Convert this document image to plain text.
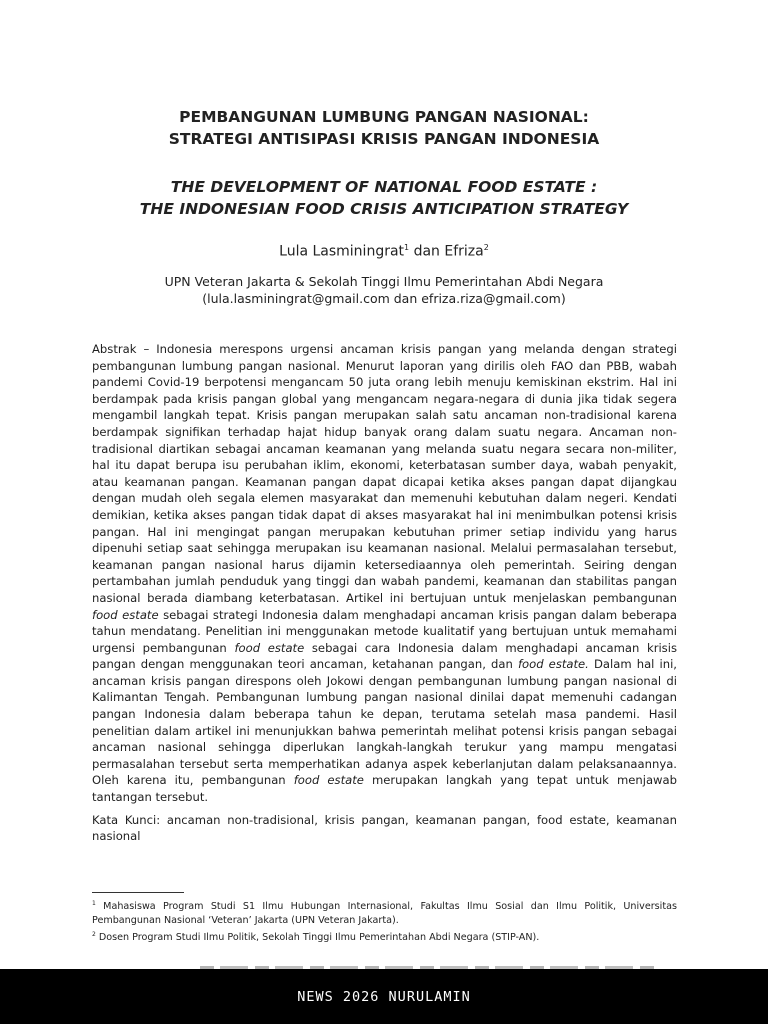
PEMBANGUNAN LUMBUNG PANGAN NASIONAL:
STRATEGI ANTISIPASI KRISIS PANGAN INDONESIA
THE DEVELOPMENT OF NATIONAL FOOD ESTATE :
THE INDONESIAN FOOD CRISIS ANTICIPATION STRATEGY
Lula Lasminingrat$^1$ dan Efriza$^2$
UPN Veteran Jakarta & Sekolah Tinggi Ilmu Pemerintahan Abdi Negara
(lula.lasminingrat@gmail.com dan efriza.riza@gmail.com)

Abstrak – Indonesia merespons urgensi ancaman krisis pangan yang melanda dengan strategi pembangunan lumbung pangan nasional. Menurut laporan yang dirilis oleh FAO dan PBB, wabah pandemi Covid-19 berpotensi mengancam 50 juta orang lebih menuju kemiskinan ekstrim. Hal ini berdampak pada krisis pangan global yang mengancam negara-negara di dunia jika tidak segera mengambil langkah tepat. Krisis pangan merupakan salah satu ancaman non-tradisional karena berdampak signifikan terhadap hajat hidup banyak orang dalam suatu negara. Ancaman non-tradisional diartikan sebagai ancaman keamanan yang melanda suatu negara secara non-militer, hal itu dapat berupa isu perubahan iklim, ekonomi, keterbatasan sumber daya, wabah penyakit, atau keamanan pangan. Keamanan pangan dapat dicapai ketika akses pangan dapat dijangkau dengan mudah oleh segala elemen masyarakat dan memenuhi kebutuhan dalam negeri. Kendati demikian, ketika akses pangan tidak dapat di akses masyarakat hal ini menimbulkan potensi krisis pangan. Hal ini mengingat pangan merupakan kebutuhan primer setiap individu yang harus dipenuhi setiap saat sehingga merupakan isu keamanan nasional. Melalui permasalahan tersebut, keamanan pangan nasional harus dijamin ketersediaannya oleh pemerintah. Seiring dengan pertambahan jumlah penduduk yang tinggi dan wabah pandemi, keamanan dan stabilitas pangan nasional berada diambang keterbatasan. Artikel ini bertujuan untuk menjelaskan pembangunan food estate sebagai strategi Indonesia dalam menghadapi ancaman krisis pangan dalam beberapa tahun mendatang. Penelitian ini menggunakan metode kualitatif yang bertujuan untuk memahami urgensi pembangunan food estate sebagai cara Indonesia dalam menghadapi ancaman krisis pangan dengan menggunakan teori ancaman, ketahanan pangan, dan food estate. Dalam hal ini, ancaman krisis pangan direspons oleh Jokowi dengan pembangunan lumbung pangan nasional di Kalimantan Tengah. Pembangunan lumbung pangan nasional dinilai dapat memenuhi cadangan pangan Indonesia dalam beberapa tahun ke depan, terutama setelah masa pandemi. Hasil penelitian dalam artikel ini menunjukkan bahwa pemerintah melihat potensi krisis pangan sebagai ancaman nasional sehingga diperlukan langkah-langkah terukur yang mampu mengatasi permasalahan tersebut serta memperhatikan adanya aspek keberlanjutan dalam pelaksanaannya. Oleh karena itu, pembangunan food estate merupakan langkah yang tepat untuk menjawab tantangan tersebut.

Kata Kunci: ancaman non-tradisional, krisis pangan, keamanan pangan, food estate, keamanan nasional

$^1$ Mahasiswa Program Studi S1 Ilmu Hubungan Internasional, Fakultas Ilmu Sosial dan Ilmu Politik, Universitas Pembangunan Nasional ‘Veteran’ Jakarta (UPN Veteran Jakarta).

$^2$ Dosen Program Studi Ilmu Politik, Sekolah Tinggi Ilmu Pemerintahan Abdi Negara (STIP-AN).

NEWS 2026 NURULAMIN
